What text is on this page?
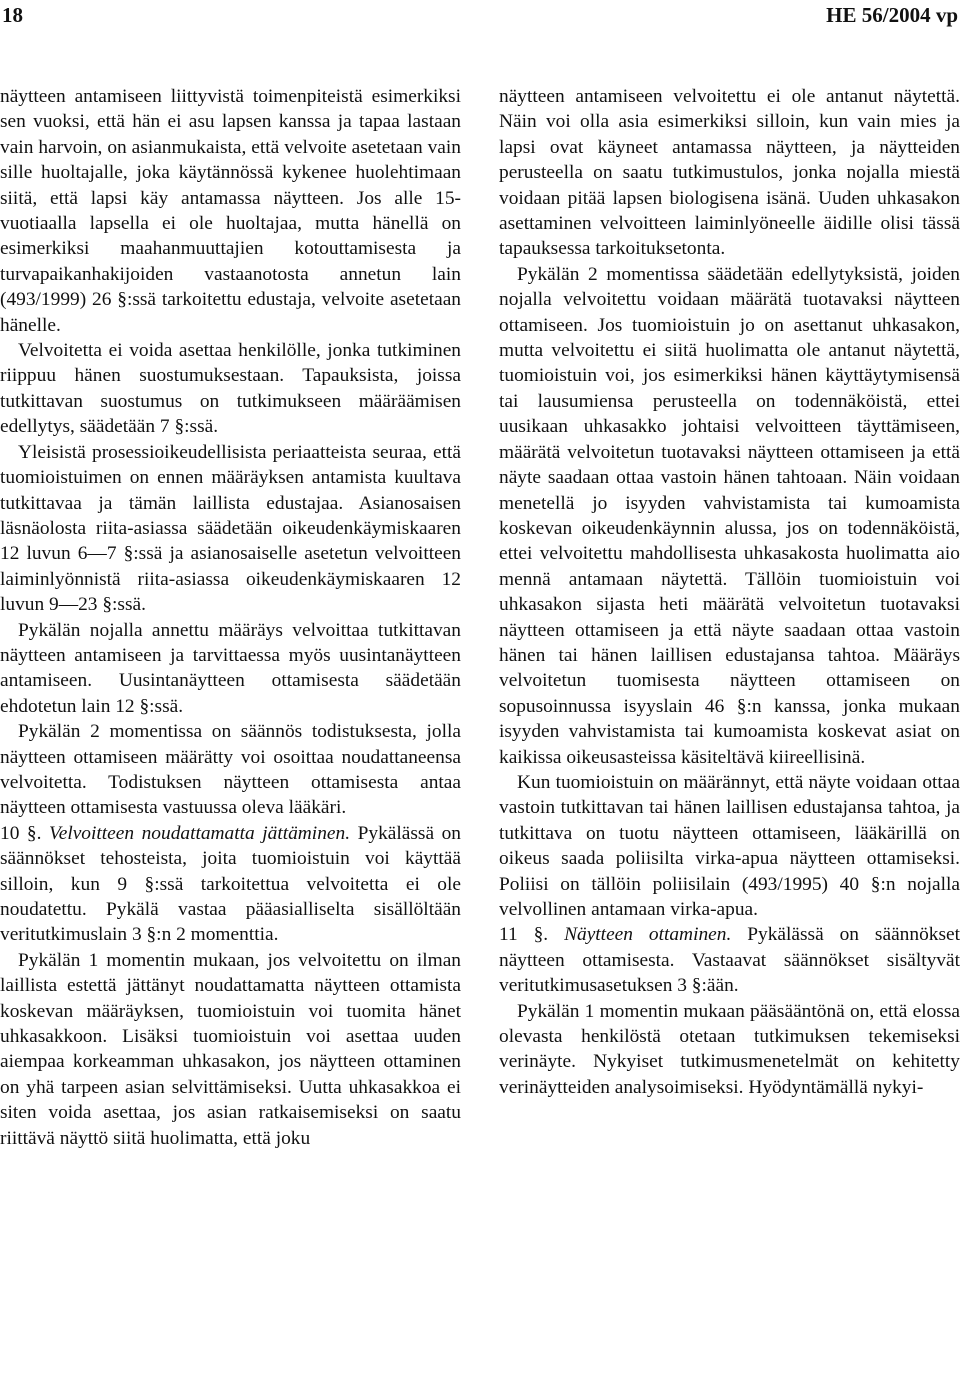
18	HE 56/2004 vp

näytteen antamiseen liittyvistä toimenpiteistä esimerkiksi sen vuoksi, että hän ei asu lapsen kanssa ja tapaa lastaan vain harvoin, on asianmukaista, että velvoite asetetaan vain sille huoltajalle, joka käytännössä kykenee huolehtimaan siitä, että lapsi käy antamassa näytteen. Jos alle 15-vuotiaalla lapsella ei ole huoltajaa, mutta hänellä on esimerkiksi maahanmuuttajien kotouttamisesta ja turvapaikanhakijoiden vastaanotosta annetun lain (493/1999) 26 §:ssä tarkoitettu edustaja, velvoite asetetaan hänelle.

Velvoitetta ei voida asettaa henkilölle, jonka tutkiminen riippuu hänen suostumuksestaan. Tapauksista, joissa tutkittavan suostumus on tutkimukseen määräämisen edellytys, säädetään 7 §:ssä.

Yleisistä prosessioikeudellisista periaatteista seuraa, että tuomioistuimen on ennen määräyksen antamista kuultava tutkittavaa ja tämän laillista edustajaa. Asianosaisen läsnäolosta riita-asiassa säädetään oikeudenkäymiskaaren 12 luvun 6—7 §:ssä ja asianosaiselle asetetun velvoitteen laiminlyönnistä riita-asiassa oikeudenkäymiskaaren 12 luvun 9—23 §:ssä.

Pykälän nojalla annettu määräys velvoittaa tutkittavan näytteen antamiseen ja tarvittaessa myös uusintanäytteen antamiseen. Uusintanäytteen ottamisesta säädetään ehdotetun lain 12 §:ssä.

Pykälän 2 momentissa on säännös todistuksesta, jolla näytteen ottamiseen määrätty voi osoittaa noudattaneensa velvoitetta. Todistuksen näytteen ottamisesta antaa näytteen ottamisesta vastuussa oleva lääkäri.

10 §. Velvoitteen noudattamatta jättäminen. Pykälässä on säännökset tehosteista, joita tuomioistuin voi käyttää silloin, kun 9 §:ssä tarkoitettua velvoitetta ei ole noudatettu. Pykälä vastaa pääasialliselta sisällöltään veritutkimuslain 3 §:n 2 momenttia.

Pykälän 1 momentin mukaan, jos velvoitettu on ilman laillista estettä jättänyt noudattamatta näytteen ottamista koskevan määräyksen, tuomioistuin voi tuomita hänet uhkasakkoon. Lisäksi tuomioistuin voi asettaa uuden aiempaa korkeamman uhkasakon, jos näytteen ottaminen on yhä tarpeen asian selvittämiseksi. Uutta uhkasakkoa ei siten voida asettaa, jos asian ratkaisemiseksi on saatu riittävä näyttö siitä huolimatta, että joku

näytteen antamiseen velvoitettu ei ole antanut näytettä. Näin voi olla asia esimerkiksi silloin, kun vain mies ja lapsi ovat käyneet antamassa näytteen, ja näytteiden perusteella on saatu tutkimustulos, jonka nojalla miestä voidaan pitää lapsen biologisena isänä. Uuden uhkasakon asettaminen velvoitteen laiminlyöneelle äidille olisi tässä tapauksessa tarkoituksetonta.

Pykälän 2 momentissa säädetään edellytyksistä, joiden nojalla velvoitettu voidaan määrätä tuotavaksi näytteen ottamiseen. Jos tuomioistuin jo on asettanut uhkasakon, mutta velvoitettu ei siitä huolimatta ole antanut näytettä, tuomioistuin voi, jos esimerkiksi hänen käyttäytymisensä tai lausumiensa perusteella on todennäköistä, ettei uusikaan uhkasakko johtaisi velvoitteen täyttämiseen, määrätä velvoitetun tuotavaksi näytteen ottamiseen ja että näyte saadaan ottaa vastoin hänen tahtoaan. Näin voidaan menetellä jo isyyden vahvistamista tai kumoamista koskevan oikeudenkäynnin alussa, jos on todennäköistä, ettei velvoitettu mahdollisesta uhkasakosta huolimatta aio mennä antamaan näytettä. Tällöin tuomioistuin voi uhkasakon sijasta heti määrätä velvoitetun tuotavaksi näytteen ottamiseen ja että näyte saadaan ottaa vastoin hänen tai hänen laillisen edustajansa tahtoa. Määräys velvoitetun tuomisesta näytteen ottamiseen on sopusoinnussa isyyslain 46 §:n kanssa, jonka mukaan isyyden vahvistamista tai kumoamista koskevat asiat on kaikissa oikeusasteissa käsiteltävä kiireellisinä.

Kun tuomioistuin on määrännyt, että näyte voidaan ottaa vastoin tutkittavan tai hänen laillisen edustajansa tahtoa, ja tutkittava on tuotu näytteen ottamiseen, lääkärillä on oikeus saada poliisilta virka-apua näytteen ottamiseksi. Poliisi on tällöin poliisilain (493/1995) 40 §:n nojalla velvollinen antamaan virka-apua.

11 §. Näytteen ottaminen. Pykälässä on säännökset näytteen ottamisesta. Vastaavat säännökset sisältyvät veritutkimusasetuksen 3 §:ään.

Pykälän 1 momentin mukaan pääsääntönä on, että elossa olevasta henkilöstä otetaan tutkimuksen tekemiseksi verinäyte. Nykyiset tutkimusmenetelmät on kehitetty verinäytteiden analysoimiseksi. Hyödyntämällä nykyi-
